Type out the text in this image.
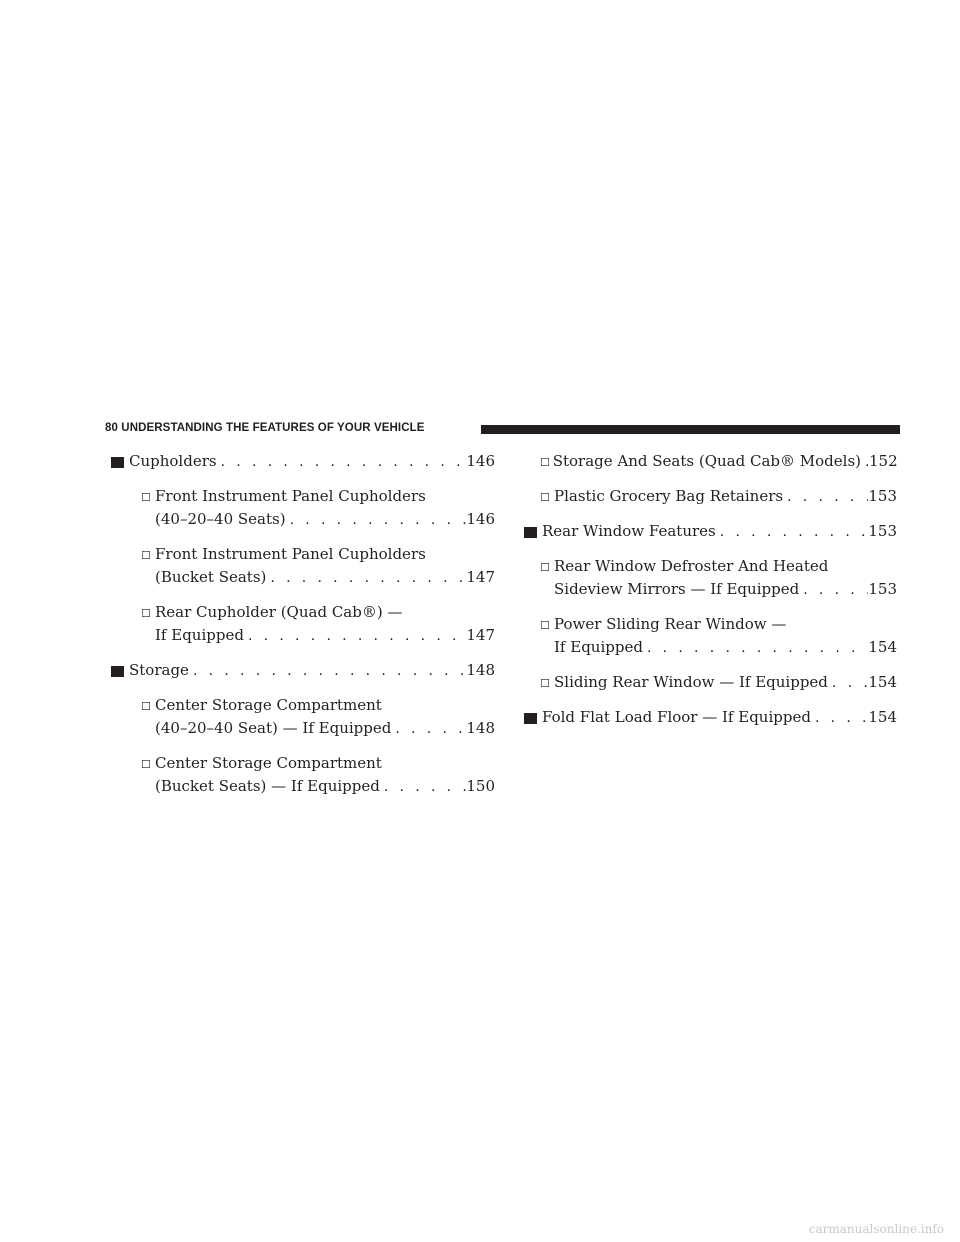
80 UNDERSTANDING THE FEATURES OF YOUR VEHICLE
Cupholders . . .	146
☐ Front Instrument Panel Cupholders
(40–20–40 Seats) . . .	146
☐ Front Instrument Panel Cupholders
(Bucket Seats) . . .	147
☐ Rear Cupholder (Quad Cab®) —
If Equipped . . .	147
Storage . . .	148
☐ Center Storage Compartment
(40–20–40 Seat) — If Equipped . . .	148
☐ Center Storage Compartment
(Bucket Seats) — If Equipped . . .	150
☐ Storage And Seats (Quad Cab® Models) . . . 152
☐ Plastic Grocery Bag Retainers . . .	153
Rear Window Features . . .	153
☐ Rear Window Defroster And Heated
Sideview Mirrors — If Equipped . . .	153
☐ Power Sliding Rear Window —
If Equipped . . .	154
☐ Sliding Rear Window — If Equipped . . .	154
Fold Flat Load Floor — If Equipped . . .	154
carmanualsonline.info
